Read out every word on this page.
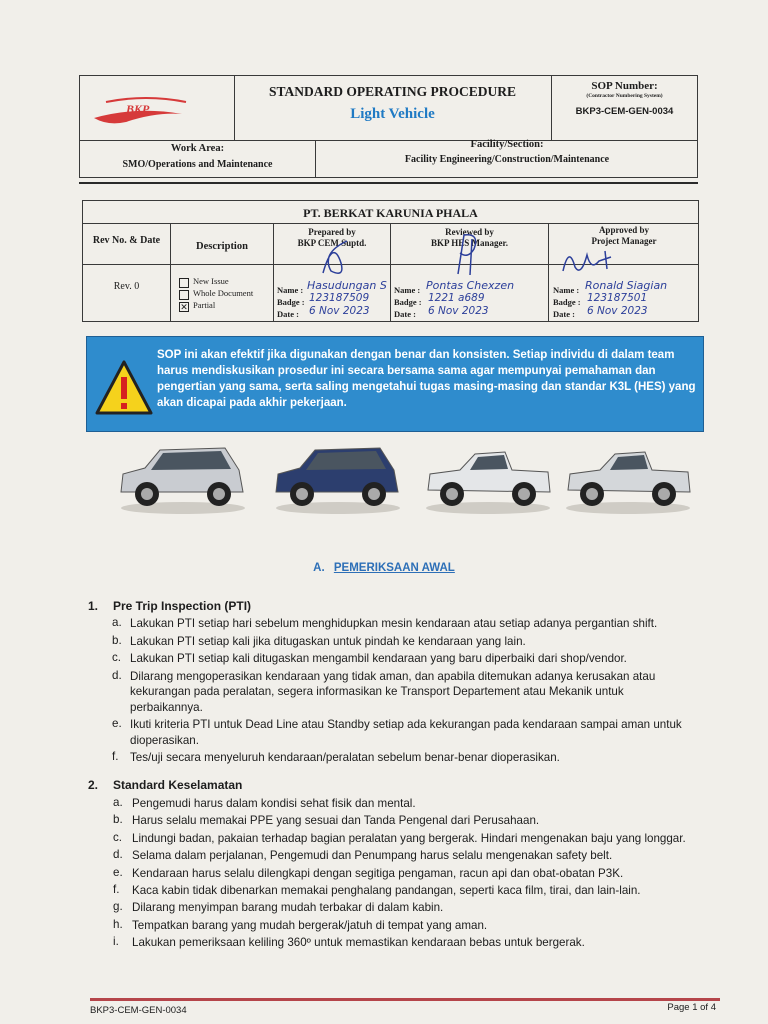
BKP
STANDARD OPERATING PROCEDURE
Light Vehicle
SOP Number:
(Contractor Numbering System)
BKP3-CEM-GEN-0034
Work Area:
SMO/Operations and Maintenance
Facility/Section:
Facility Engineering/Construction/Maintenance
PT. BERKAT KARUNIA PHALA
Rev No. & Date
Description
Prepared by
BKP CEM Suptd.
Reviewed by
BKP HES Manager.
Approved by
Project Manager
Rev. 0	New Issue
Whole Document
✕ Partial
Name : Hasudungan S
Badge : 123187509
Date : 6 Nov 2023
Name : Pontas Chexzen
Badge : 1221 a689
Date : 6 Nov 2023
Name : Ronald Siagian
Badge : 123187501
Date : 6 Nov 2023
SOP ini akan efektif jika digunakan dengan benar dan konsisten. Setiap individu di dalam team harus mendiskusikan prosedur ini secara bersama sama agar mempunyai pemahaman dan pengertian yang sama, serta saling mengetahui tugas masing-masing dan standar K3L (HES) yang akan dicapai pada akhir pekerjaan.
A. PEMERIKSAAN AWAL
1. Pre Trip Inspection (PTI)
2. Standard Keselamatan
BKP3-CEM-GEN-0034	Page 1 of 4
a. Lakukan PTI setiap hari sebelum menghidupkan mesin kendaraan atau setiap adanya pergantian shift.
b. Lakukan PTI setiap kali jika ditugaskan untuk pindah ke kendaraan yang lain.
c. Lakukan PTI setiap kali ditugaskan mengambil kendaraan yang baru diperbaiki dari shop/vendor.
d. Dilarang mengoperasikan kendaraan yang tidak aman, dan apabila ditemukan adanya kerusakan atau
kekurangan pada peralatan, segera informasikan ke Transport Departement atau Mekanik untuk
perbaikannya.
e. Ikuti kriteria PTI untuk Dead Line atau Standby setiap ada kekurangan pada kendaraan sampai aman untuk
dioperasikan.
f. Tes/uji secara menyeluruh kendaraan/peralatan sebelum benar-benar dioperasikan.
a. Pengemudi harus dalam kondisi sehat fisik dan mental.
b. Harus selalu memakai PPE yang sesuai dan Tanda Pengenal dari Perusahaan.
c. Lindungi badan, pakaian terhadap bagian peralatan yang bergerak. Hindari mengenakan baju yang longgar.
d. Selama dalam perjalanan, Pengemudi dan Penumpang harus selalu mengenakan safety belt.
e. Kendaraan harus selalu dilengkapi dengan segitiga pengaman, racun api dan obat-obatan P3K.
f. Kaca kabin tidak dibenarkan memakai penghalang pandangan, seperti kaca film, tirai, dan lain-lain.
g. Dilarang menyimpan barang mudah terbakar di dalam kabin.
h. Tempatkan barang yang mudah bergerak/jatuh di tempat yang aman.
i. Lakukan pemeriksaan keliling 360º untuk memastikan kendaraan bebas untuk bergerak.
